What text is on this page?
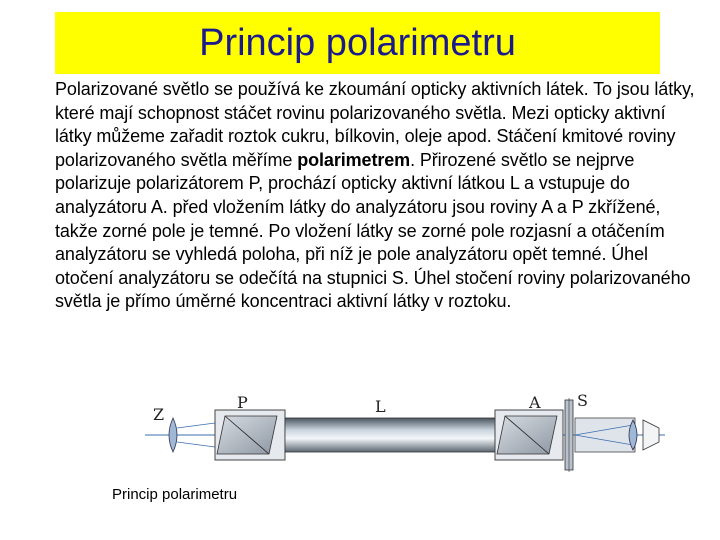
Princip polarimetru
Polarizované světlo se používá ke zkoumání opticky aktivních látek. To jsou látky, které mají schopnost stáčet rovinu polarizovaného světla. Mezi opticky aktivní látky můžeme zařadit roztok cukru, bílkovin, oleje apod. Stáčení kmitové roviny polarizovaného světla měříme polarimetrem. Přirozené světlo se nejprve polarizuje polarizátorem P, prochází opticky aktivní látkou L a vstupuje do analyzátoru A. před vložením látky do analyzátoru jsou roviny A a P zkřížené, takže zorné pole je temné. Po vložení látky se zorné pole rozjasní a otáčením analyzátoru se vyhledá poloha, při níž je pole analyzátoru opět temné. Úhel otočení analyzátoru se odečítá na stupnici S. Úhel stočení roviny polarizovaného světla je přímo úměrné koncentraci aktivní látky v roztoku.
Z
P	L	A S
Princip polarimetru
